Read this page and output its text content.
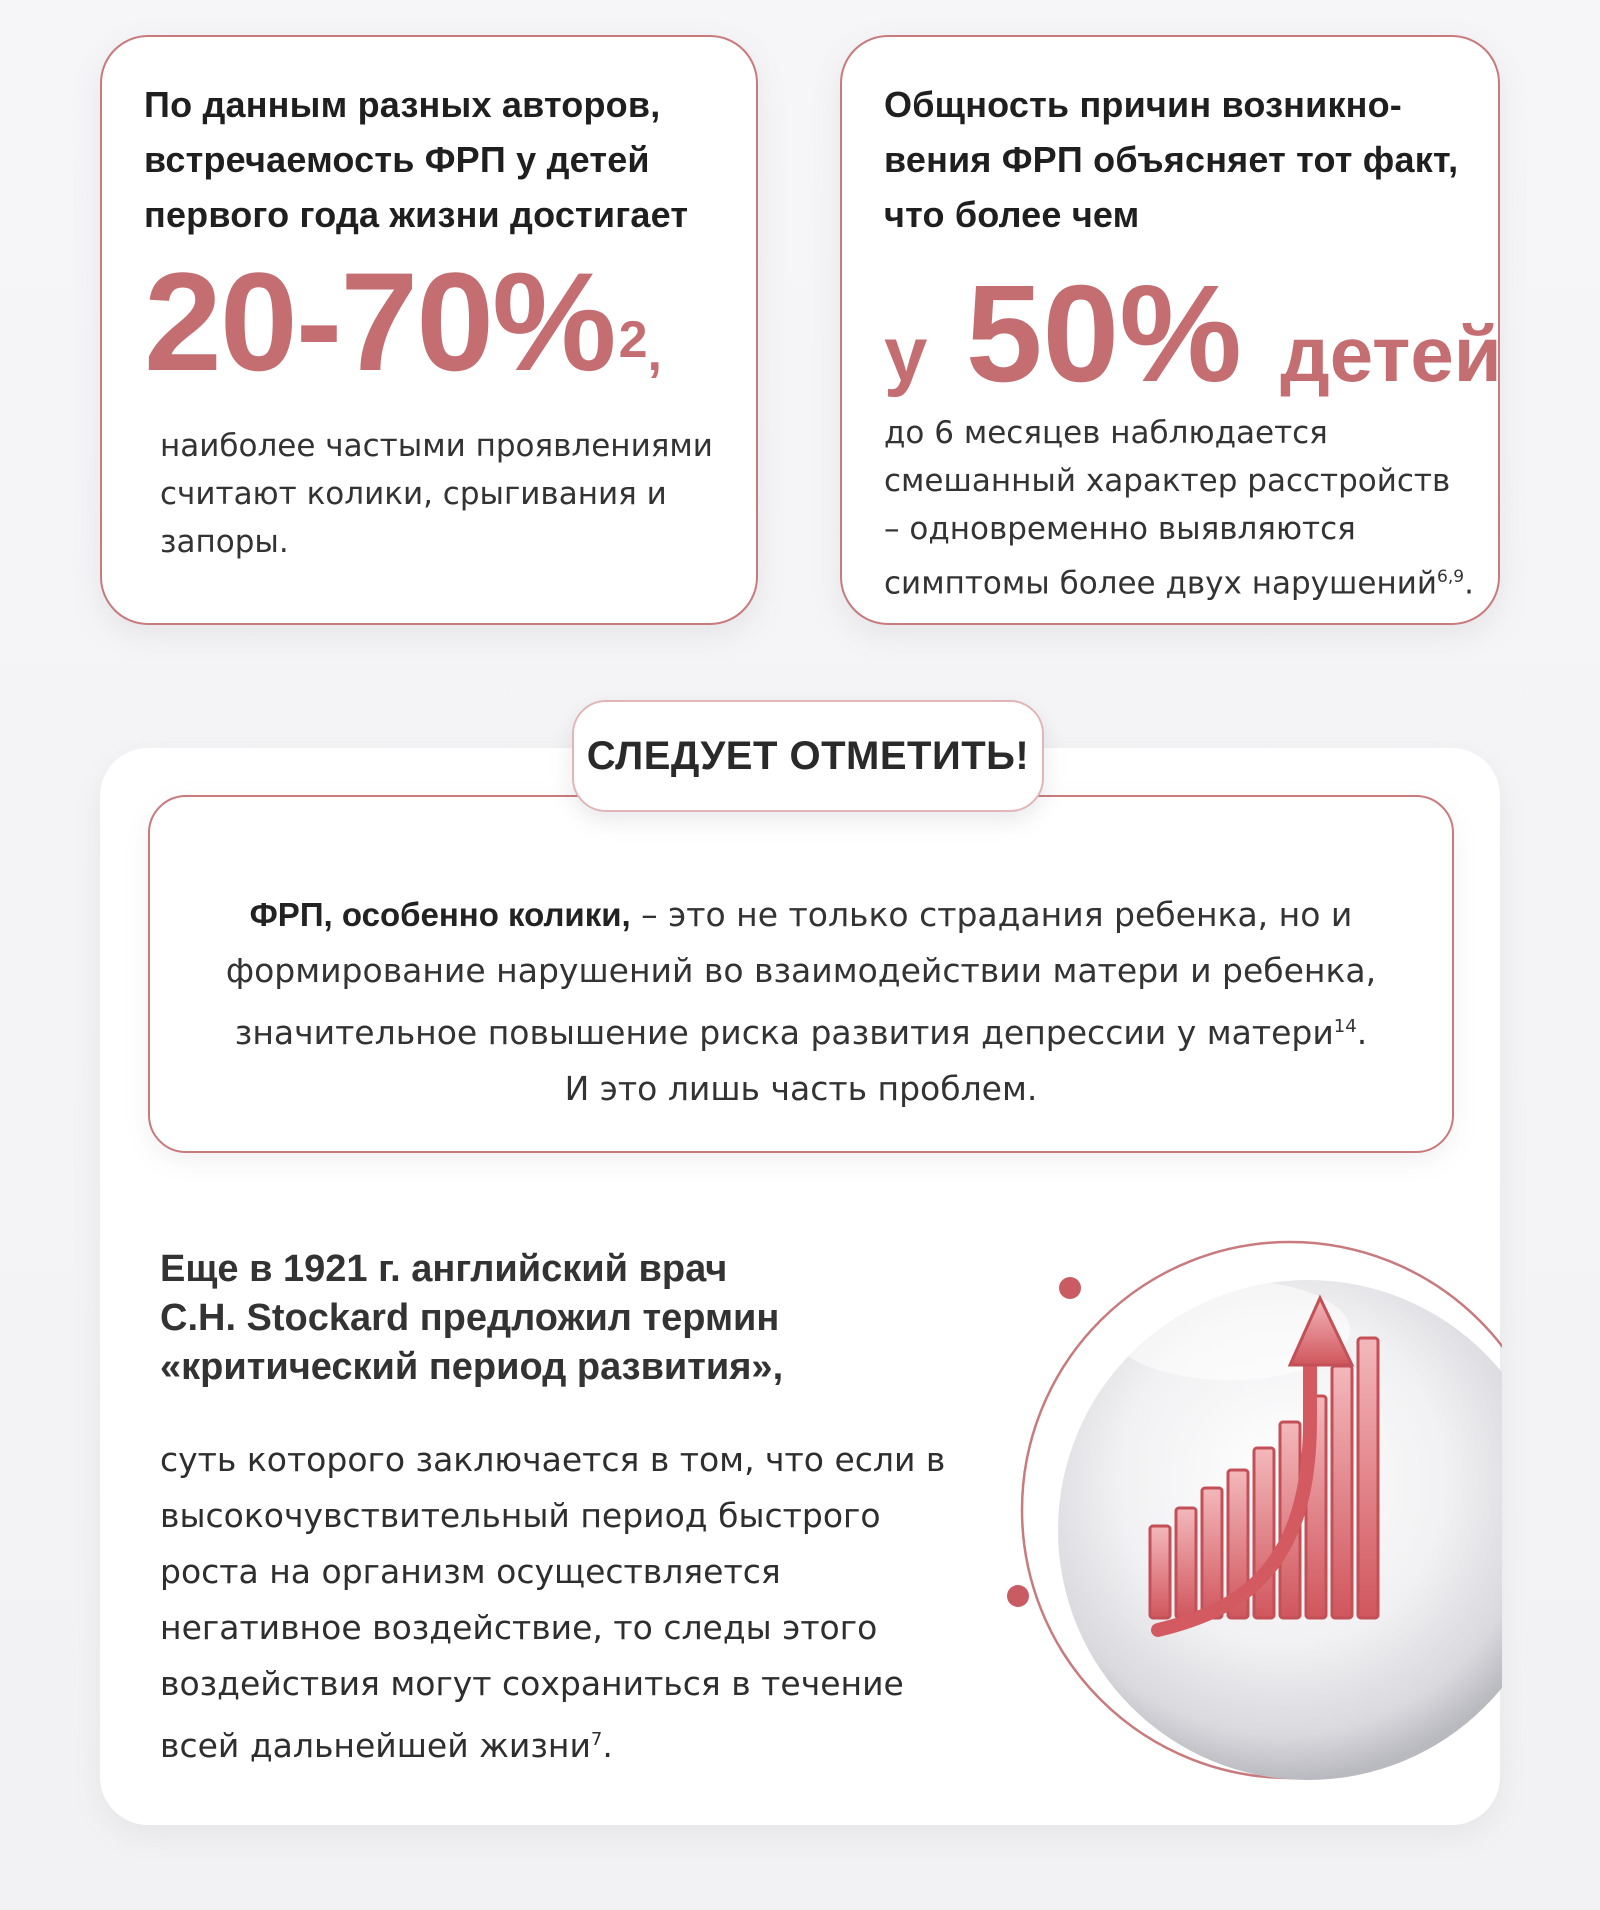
По данным разных авторов, встречаемость ФРП у детей первого года жизни достигает
20-70%$^2$,
наиболее частыми проявлениями считают колики, срыгивания и запоры.
Общность причин возникно-вения ФРП объясняет тот факт, что более чем
у 50% детей
до 6 месяцев наблюдается смешанный характер расстройств – одновременно выявляются симптомы более двух нарушений$^{6,9}$.
ФРП, особенно колики, – это не только страдания ребенка, но и формирование нарушений во взаимодействии матери и ребенка, значительное повышение риска развития депрессии у матери$^{14}$.
И это лишь часть проблем.
СЛЕДУЕТ ОТМЕТИТЬ!
Еще в 1921 г. английский врач
C.H. Stockard предложил термин
«критический период развития»,
суть которого заключается в том, что если в высокочувствительный период быстрого роста на организм осуществляется негативное воздействие, то следы этого воздействия могут сохраниться в течение всей дальнейшей жизни$^7$.
